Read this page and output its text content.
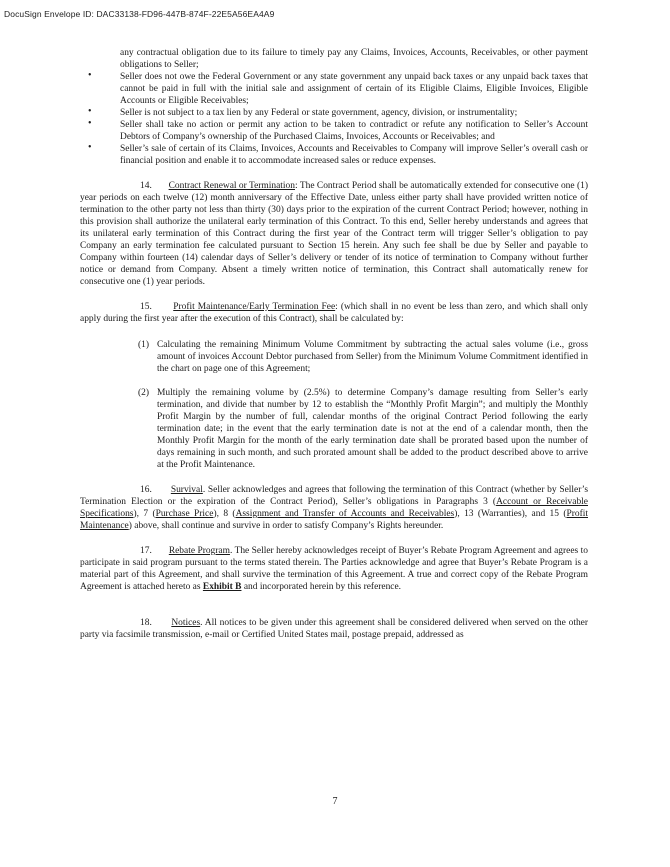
DocuSign Envelope ID: DAC33138-FD96-447B-874F-22E5A56EA4A9
any contractual obligation due to its failure to timely pay any Claims, Invoices, Accounts, Receivables, or other payment obligations to Seller;
•	Seller does not owe the Federal Government or any state government any unpaid back taxes or any unpaid back taxes that cannot be paid in full with the initial sale and assignment of certain of its Eligible Claims, Eligible Invoices, Eligible Accounts or Eligible Receivables;
•	Seller is not subject to a tax lien by any Federal or state government, agency, division, or instrumentality;
•	Seller shall take no action or permit any action to be taken to contradict or refute any notification to Seller’s Account Debtors of Company’s ownership of the Purchased Claims, Invoices, Accounts or Receivables; and
•	Seller’s sale of certain of its Claims, Invoices, Accounts and Receivables to Company will improve Seller’s overall cash or financial position and enable it to accommodate increased sales or reduce expenses.

14. Contract Renewal or Termination: The Contract Period shall be automatically extended for consecutive one (1) year periods on each twelve (12) month anniversary of the Effective Date, unless either party shall have provided written notice of termination to the other party not less than thirty (30) days prior to the expiration of the current Contract Period; however, nothing in this provision shall authorize the unilateral early termination of this Contract. To this end, Seller hereby understands and agrees that its unilateral early termination of this Contract during the first year of the Contract term will trigger Seller’s obligation to pay Company an early termination fee calculated pursuant to Section 15 herein. Any such fee shall be due by Seller and payable to Company within fourteen (14) calendar days of Seller’s delivery or tender of its notice of termination to Company without further notice or demand from Company. Absent a timely written notice of termination, this Contract shall automatically renew for consecutive one (1) year periods.

15. Profit Maintenance/Early Termination Fee: (which shall in no event be less than zero, and which shall only apply during the first year after the execution of this Contract), shall be calculated by:

(1) Calculating the remaining Minimum Volume Commitment by subtracting the actual sales volume (i.e., gross amount of invoices Account Debtor purchased from Seller) from the Minimum Volume Commitment identified in the chart on page one of this Agreement;
(2) Multiply the remaining volume by (2.5%) to determine Company’s damage resulting from Seller’s early termination, and divide that number by 12 to establish the “Monthly Profit Margin”; and multiply the Monthly Profit Margin by the number of full, calendar months of the original Contract Period following the early termination date; in the event that the early termination date is not at the end of a calendar month, then the Monthly Profit Margin for the month of the early termination date shall be prorated based upon the number of days remaining in such month, and such prorated amount shall be added to the product described above to arrive at the Profit Maintenance.

16. Survival. Seller acknowledges and agrees that following the termination of this Contract (whether by Seller’s Termination Election or the expiration of the Contract Period), Seller’s obligations in Paragraphs 3 (Account or Receivable Specifications), 7 (Purchase Price), 8 (Assignment and Transfer of Accounts and Receivables), 13 (Warranties), and 15 (Profit Maintenance) above, shall continue and survive in order to satisfy Company’s Rights hereunder.

17. Rebate Program. The Seller hereby acknowledges receipt of Buyer’s Rebate Program Agreement and agrees to participate in said program pursuant to the terms stated therein. The Parties acknowledge and agree that Buyer’s Rebate Program is a material part of this Agreement, and shall survive the termination of this Agreement. A true and correct copy of the Rebate Program Agreement is attached hereto as Exhibit B and incorporated herein by this reference.

18. Notices. All notices to be given under this agreement shall be considered delivered when served on the other party via facsimile transmission, e-mail or Certified United States mail, postage prepaid, addressed as

7
